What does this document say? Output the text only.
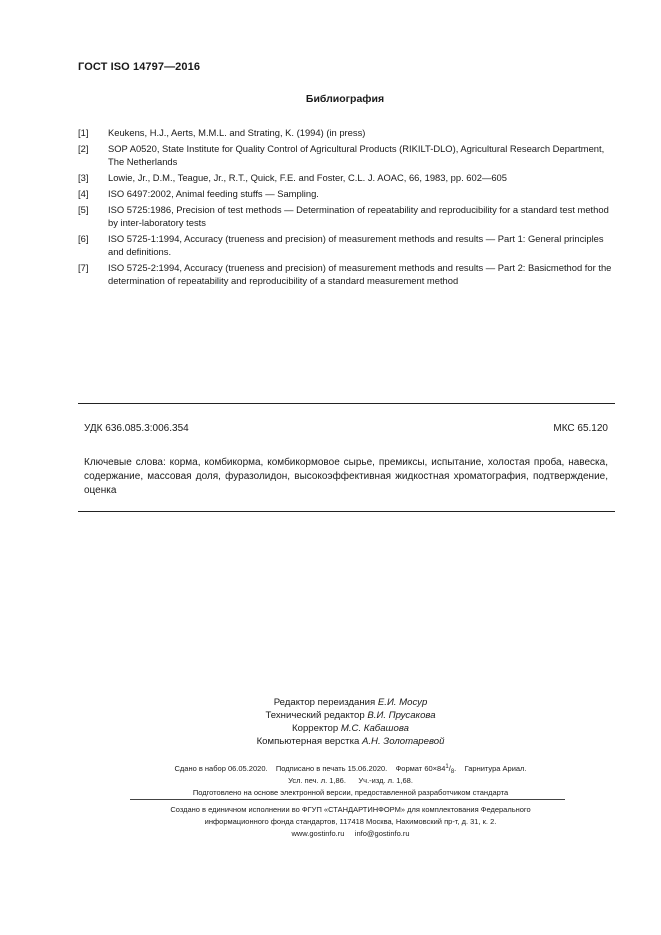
ГОСТ ISO 14797—2016
Библиография
[1] Keukens, H.J., Aerts, M.M.L. and Strating, K. (1994) (in press)
[2] SOP A0520, State Institute for Quality Control of Agricultural Products (RIKILT-DLO), Agricultural Research Department, The Netherlands
[3] Lowie, Jr., D.M., Teague, Jr., R.T., Quick, F.E. and Foster, C.L. J. AOAC, 66, 1983, pp. 602—605
[4] ISO 6497:2002, Animal feeding stuffs — Sampling.
[5] ISO 5725:1986, Precision of test methods — Determination of repeatability and reproducibility for a standard test method by inter-laboratory tests
[6] ISO 5725-1:1994, Accuracy (trueness and precision) of measurement methods and results — Part 1: General principles and definitions.
[7] ISO 5725-2:1994, Accuracy (trueness and precision) of measurement methods and results — Part 2: Basicmethod for the determination of repeatability and reproducibility of a standard measurement method
УДК 636.085.3:006.354	МКС 65.120
Ключевые слова: корма, комбикорма, комбикормовое сырье, премиксы, испытание, холостая проба, навеска, содержание, массовая доля, фуразолидон, высокоэффективная жидкостная хроматография, подтверждение, оценка
Редактор переиздания Е.И. Мосур
Технический редактор В.И. Прусакова
Корректор М.С. Кабашова
Компьютерная верстка А.Н. Золотаревой
Сдано в набор 06.05.2020.    Подписано в печать 15.06.2020.    Формат $60\times 84^1/_8$.    Гарнитура Ариал.
Усл. печ. л. 1,86.      Уч.-изд. л. 1,68.
Подготовлено на основе электронной версии, предоставленной разработчиком стандарта
Создано в единичном исполнении во ФГУП «СТАНДАРТИНФОРМ» для комплектования Федерального
информационного фонда стандартов, 117418 Москва, Нахимовский пр-т, д. 31, к. 2.
www.gostinfo.ru     info@gostinfo.ru
